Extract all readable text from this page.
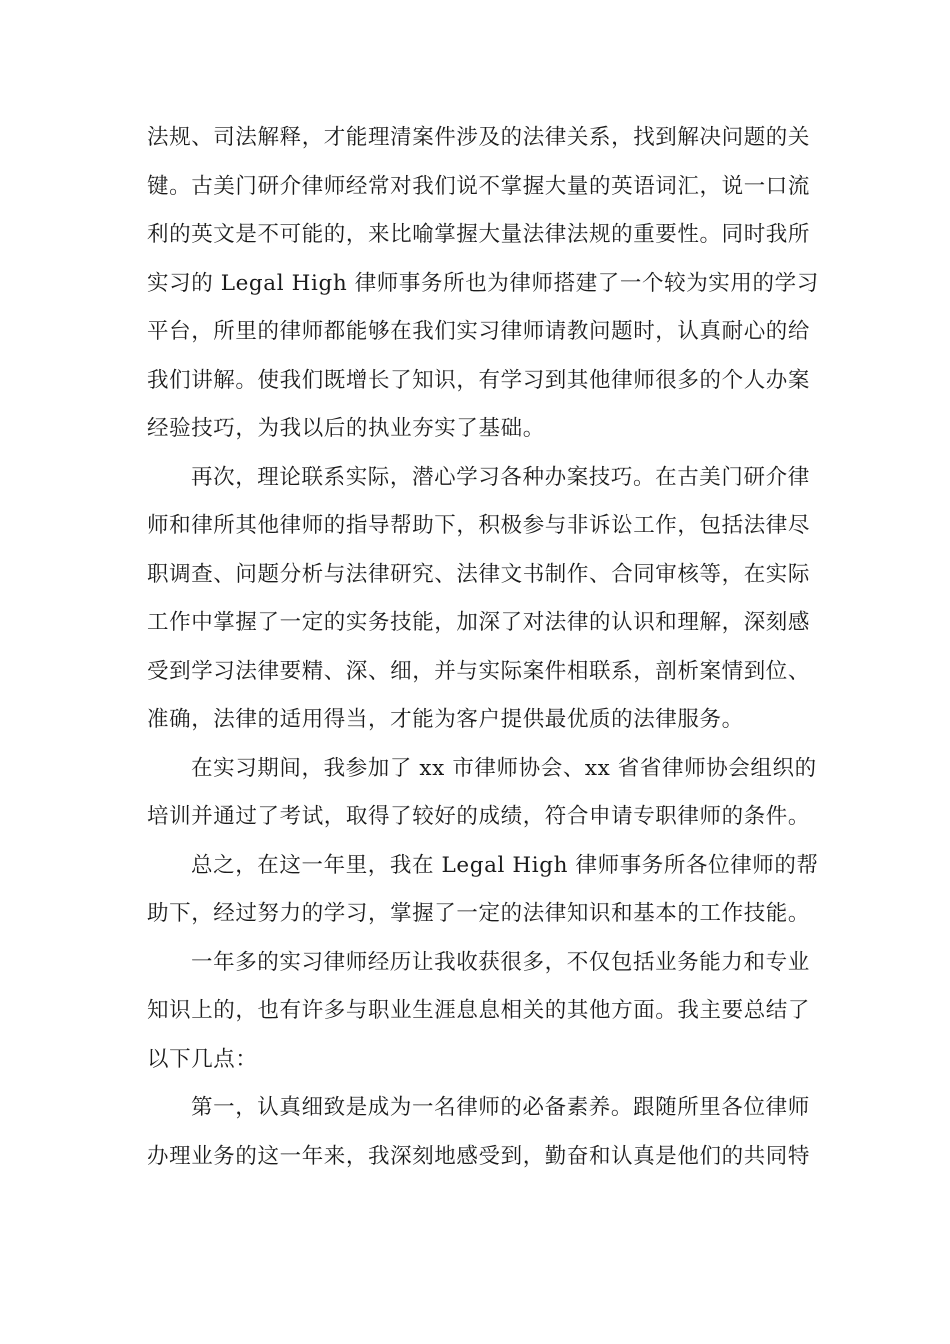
法规、司法解释，才能理清案件涉及的法律关系，找到解决问题的关
键。古美门研介律师经常对我们说不掌握大量的英语词汇，说一口流
利的英文是不可能的，来比喻掌握大量法律法规的重要性。同时我所
实习的 Legal High 律师事务所也为律师搭建了一个较为实用的学习
平台，所里的律师都能够在我们实习律师请教问题时，认真耐心的给
我们讲解。使我们既增长了知识，有学习到其他律师很多的个人办案
经验技巧，为我以后的执业夯实了基础。
再次，理论联系实际，潜心学习各种办案技巧。在古美门研介律
师和律所其他律师的指导帮助下，积极参与非诉讼工作，包括法律尽
职调查、问题分析与法律研究、法律文书制作、合同审核等，在实际
工作中掌握了一定的实务技能，加深了对法律的认识和理解，深刻感
受到学习法律要精、深、细，并与实际案件相联系，剖析案情到位、
准确，法律的适用得当，才能为客户提供最优质的法律服务。
在实习期间，我参加了 xx 市律师协会、xx 省省律师协会组织的
培训并通过了考试，取得了较好的成绩，符合申请专职律师的条件。
总之，在这一年里，我在 Legal High 律师事务所各位律师的帮
助下，经过努力的学习，掌握了一定的法律知识和基本的工作技能。
一年多的实习律师经历让我收获很多，不仅包括业务能力和专业
知识上的，也有许多与职业生涯息息相关的其他方面。我主要总结了
以下几点：
第一，认真细致是成为一名律师的必备素养。跟随所里各位律师
办理业务的这一年来，我深刻地感受到，勤奋和认真是他们的共同特
